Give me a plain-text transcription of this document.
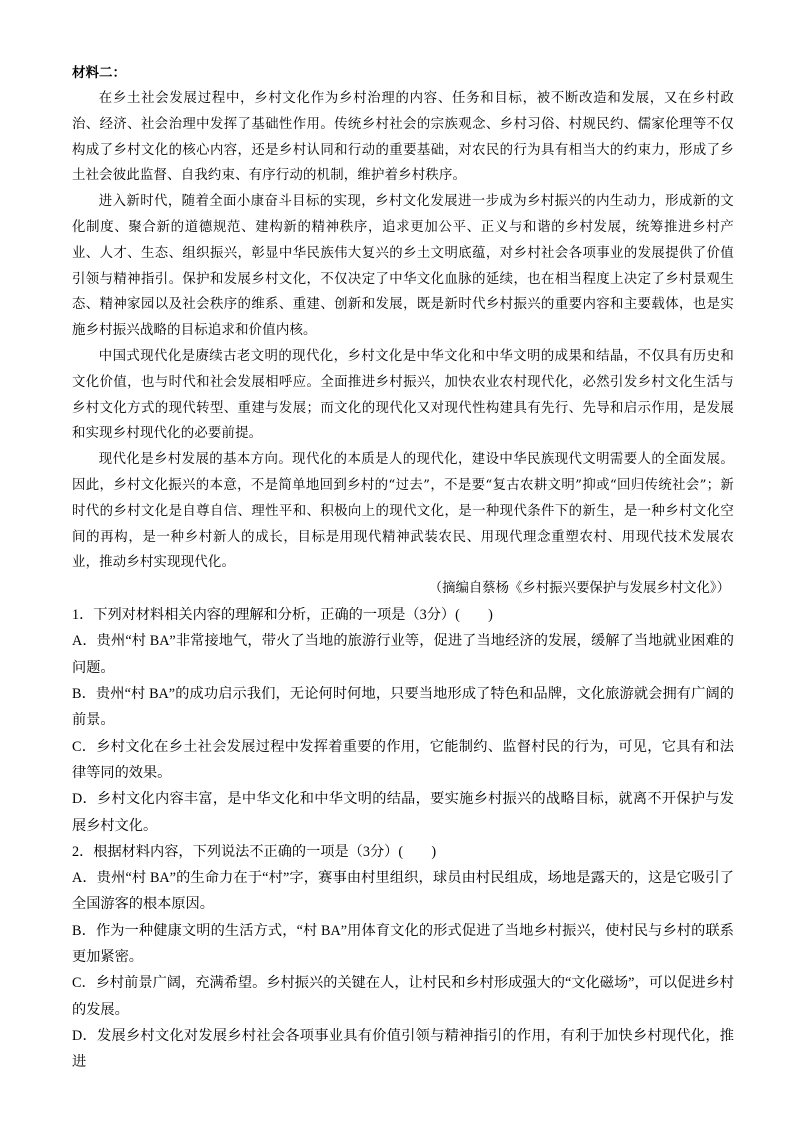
材料二：

在乡土社会发展过程中，乡村文化作为乡村治理的内容、任务和目标，被不断改造和发展，又在乡村政治、经济、社会治理中发挥了基础性作用。传统乡村社会的宗族观念、乡村习俗、村规民约、儒家伦理等不仅构成了乡村文化的核心内容，还是乡村认同和行动的重要基础，对农民的行为具有相当大的约束力，形成了乡土社会彼此监督、自我约束、有序行动的机制，维护着乡村秩序。

进入新时代，随着全面小康奋斗目标的实现，乡村文化发展进一步成为乡村振兴的内生动力，形成新的文化制度、聚合新的道德规范、建构新的精神秩序，追求更加公平、正义与和谐的乡村发展，统筹推进乡村产业、人才、生态、组织振兴，彰显中华民族伟大复兴的乡土文明底蕴，对乡村社会各项事业的发展提供了价值引领与精神指引。保护和发展乡村文化，不仅决定了中华文化血脉的延续，也在相当程度上决定了乡村景观生态、精神家园以及社会秩序的维系、重建、创新和发展，既是新时代乡村振兴的重要内容和主要载体，也是实施乡村振兴战略的目标追求和价值内核。

中国式现代化是赓续古老文明的现代化，乡村文化是中华文化和中华文明的成果和结晶，不仅具有历史和文化价值，也与时代和社会发展相呼应。全面推进乡村振兴，加快农业农村现代化，必然引发乡村文化生活与乡村文化方式的现代转型、重建与发展；而文化的现代化又对现代性构建具有先行、先导和启示作用，是发展和实现乡村现代化的必要前提。

现代化是乡村发展的基本方向。现代化的本质是人的现代化，建设中华民族现代文明需要人的全面发展。因此，乡村文化振兴的本意，不是简单地回到乡村的“过去”，不是要“复古农耕文明”抑或“回归传统社会”；新时代的乡村文化是自尊自信、理性平和、积极向上的现代文化，是一种现代条件下的新生，是一种乡村文化空间的再构，是一种乡村新人的成长，目标是用现代精神武装农民、用现代理念重塑农村、用现代技术发展农业，推动乡村实现现代化。

（摘编自蔡杨《乡村振兴要保护与发展乡村文化》）

1．下列对材料相关内容的理解和分析，正确的一项是（3分）(　　)

A．贵州“村 BA”非常接地气，带火了当地的旅游行业等，促进了当地经济的发展，缓解了当地就业困难的问题。

B．贵州“村 BA”的成功启示我们，无论何时何地，只要当地形成了特色和品牌，文化旅游就会拥有广阔的前景。

C．乡村文化在乡土社会发展过程中发挥着重要的作用，它能制约、监督村民的行为，可见，它具有和法律等同的效果。

D．乡村文化内容丰富，是中华文化和中华文明的结晶，要实施乡村振兴的战略目标，就离不开保护与发展乡村文化。

2．根据材料内容，下列说法不正确的一项是（3分）(　　)

A．贵州“村 BA”的生命力在于“村”字，赛事由村里组织，球员由村民组成，场地是露天的，这是它吸引了全国游客的根本原因。

B．作为一种健康文明的生活方式，“村 BA”用体育文化的形式促进了当地乡村振兴，使村民与乡村的联系更加紧密。

C．乡村前景广阔，充满希望。乡村振兴的关键在人，让村民和乡村形成强大的“文化磁场”，可以促进乡村的发展。

D．发展乡村文化对发展乡村社会各项事业具有价值引领与精神指引的作用，有利于加快乡村现代化，推进
